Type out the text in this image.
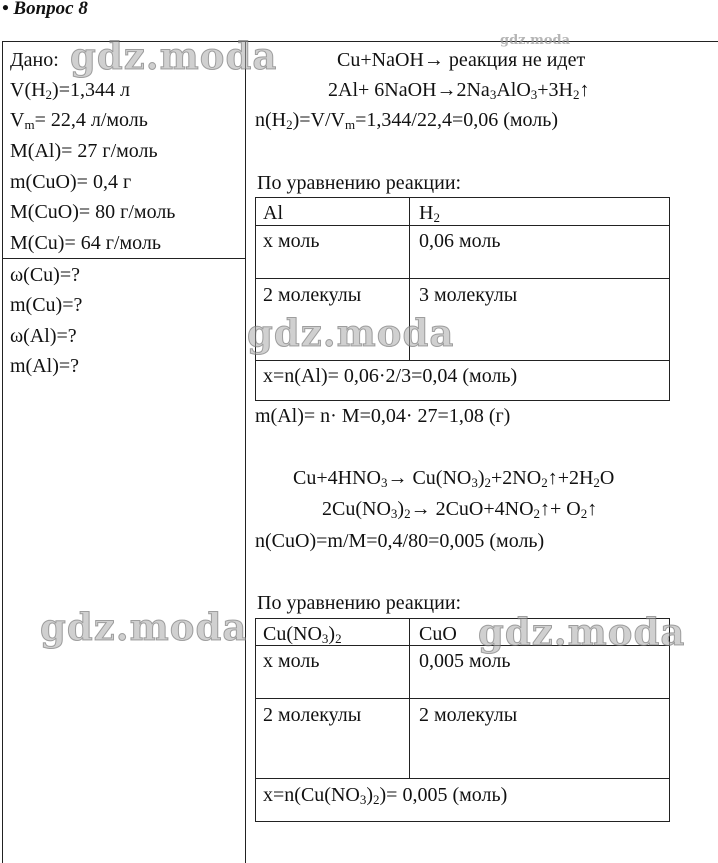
• Вопрос 8
Дано:
$V(H_2)=1,344$ л
$V_m= 22,4$ л/моль
M(Al)= 27 г/моль
m(CuO)= 0,4 г
M(CuO)= 80 г/моль
M(Cu)= 64 г/моль
ω(Cu)=?
m(Cu)=?
ω(Al)=?
m(Al)=?
Cu+NaOH→ реакция не идет
$2Al+ 6NaOH\to 2Na_3AlO_3+3H_2↑$
$n(H_2)=V/V_m=1,344/22,4=0,06$ (моль)
По уравнению реакции:
Al	$H_2$
x моль	0,06 моль
2 молекулы	3 молекулы
x=n(Al)= 0,06·2/3=0,04 (моль)
m(Al)= n· M=0,04· 27=1,08 (г)
$Cu+4HNO_3\to$ $Cu(NO_3)_2+2NO_2↑+2H_2O$
$2Cu(NO_3)_2\to$ $2CuO+4NO_2↑+$ $O_2↑$
n(CuO)=m/M=0,4/80=0,005 (моль)
По уравнению реакции:
$Cu(NO_3)_2$	CuO
x моль	0,005 моль
2 молекулы	2 молекулы
$x=n(Cu(NO_3)_2)= 0,005$ (моль)
gdz.moda
gdz.moda
gdz.moda	gdz.moda
gdz.moda
